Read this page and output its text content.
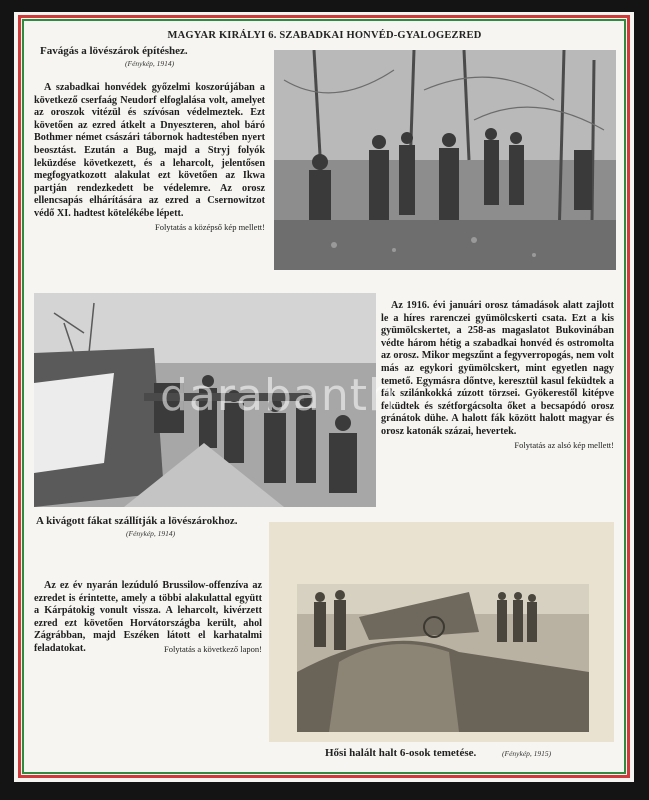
MAGYAR KIRÁLYI 6. SZABADKAI HONVÉD-GYALOGEZRED
Favágás a lövészárok építéshez.
(Fénykép, 1914)
A szabadkai honvédek győzelmi koszorújában a következő cserfaág Neudorf elfoglalása volt, amelyet az oroszok vitézül és szívósan védelmeztek. Ezt követően az ezred átkelt a Dnyeszteren, ahol báró Bothmer német császári tábornok hadtestében nyert beosztást. Ezután a Bug, majd a Stryj folyók leküzdése következett, és a leharcolt, jelentősen megfogyatkozott alakulat ezt követően az Ikwa partján rendezkedett be védelemre. Az orosz ellencsapás elhárítására az ezred a Csernowitzot védő XI. hadtest kötelékébe lépett.
Folytatás a középső kép mellett!
A kivágott fákat szállítják a lövészárokhoz.
(Fénykép, 1914)
Az 1916. évi januári orosz támadások alatt zajlott le a híres rarenczei gyümölcskerti csata. Ezt a kis gyümölcskertet, a 258-as magaslatot Bukovinában védte három hétig a szabadkai honvéd és ostromolta az orosz. Mikor megszűnt a fegyverropogás, nem volt más az egykori gyümölcskert, mint egyetlen nagy temető. Egymásra dőntve, keresztül kasul feküdtek a fák szilánkokká zúzott törzsei. Gyökerestől kitépve feküdtek és szétforgácsolta őket a becsapódó orosz gránátok dühe. A halott fák között halott magyar és orosz katonák százai, hevertek.
Folytatás az alsó kép mellett!
Az ez év nyarán lezúduló Brussilow-offenzíva az ezredet is érintette, amely a többi alakulattal együtt a Kárpátokig vonult vissza. A leharcolt, kivérzett ezred ezt követően Horvátországba került, ahol Zágrábban, majd Eszéken látott el karhatalmi feladatokat.	Folytatás a következő lapon!
Hősi halált halt 6-osok temetése.	(Fénykép, 1915)
darabanth
